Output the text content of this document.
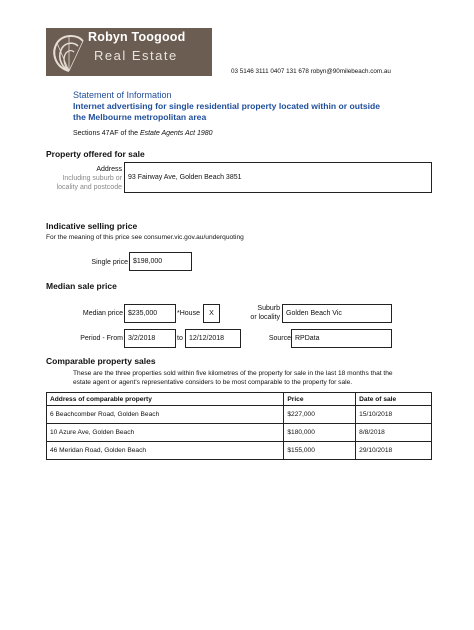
Robyn Toogood
Real Estate
03 5146 3111 0407 131 678 robyn@90milebeach.com.au
Statement of Information
Internet advertising for single residential property located within or outside
the Melbourne metropolitan area
Sections 47AF of the Estate Agents Act 1980
Property offered for sale
Address
Including suburb or
locality and postcode
93 Fairway Ave, Golden Beach 3851
Indicative selling price
For the meaning of this price see consumer.vic.gov.au/underquoting
Single price $198,000
Median sale price
Median price $235,000	*House	X
Suburb
or locality
Golden Beach Vic
Period - From 3/2/2018	to 12/12/2018	Source RPData
Comparable property sales
These are the three properties sold within five kilometres of the property for sale in the last 18 months that the
estate agent or agent's representative considers to be most comparable to the property for sale.
Address of comparable property	Price	Date of sale
6 Beachcomber Road, Golden Beach	$227,000	15/10/2018
10 Azure Ave, Golden Beach	$180,000	8/8/2018
46 Meridan Road, Golden Beach	$155,000	29/10/2018
